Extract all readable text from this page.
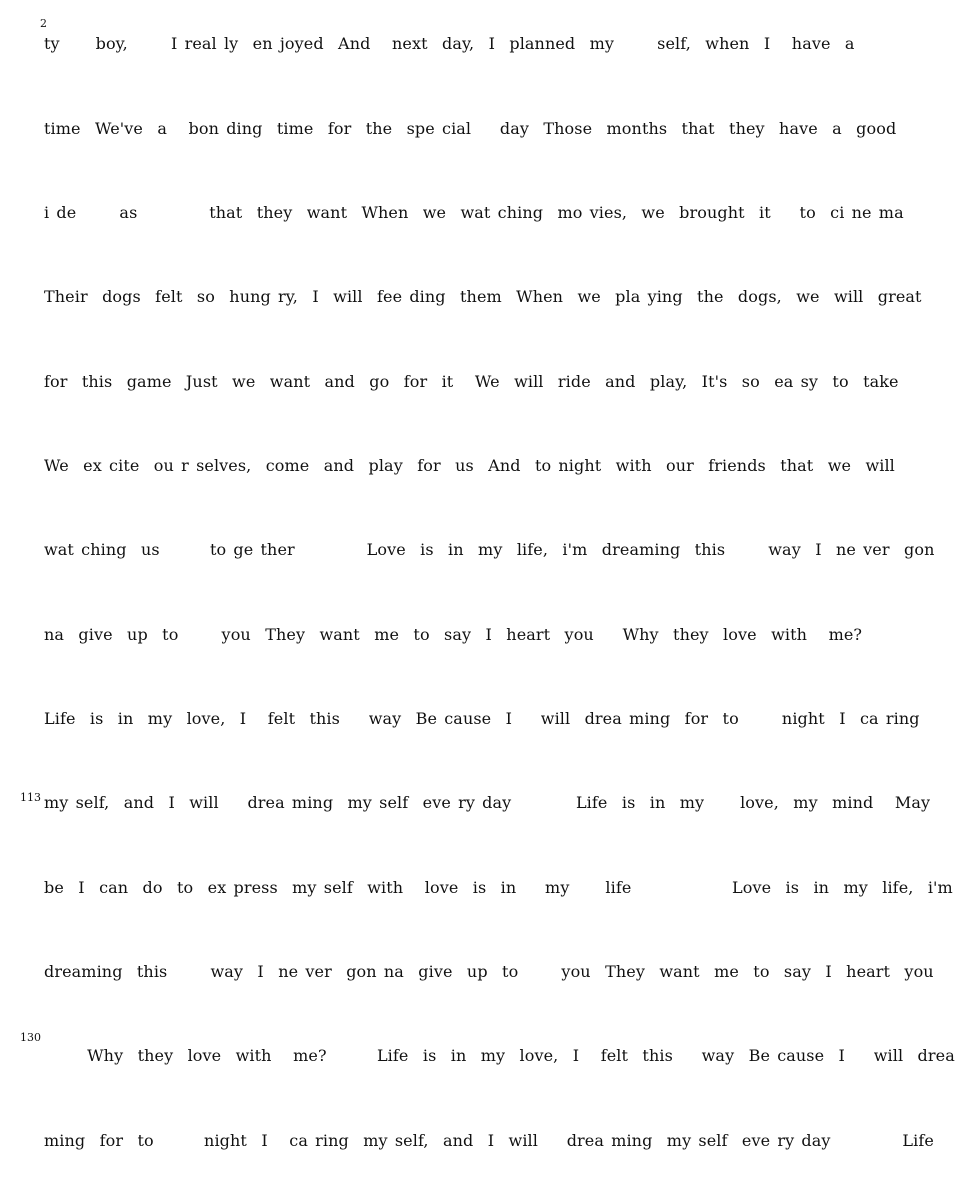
2
113
130
ty     boy,      I real ly  en joyed  And   next  day,  I  planned  my      self,  when  I   have  a
time  We've  a   bon ding  time  for  the  spe cial    day  Those  months  that  they  have  a  good
i de      as          that  they  want  When  we  wat ching  mo vies,  we  brought  it    to  ci ne ma
Their  dogs  felt  so  hung ry,  I  will  fee ding  them  When  we  pla ying  the  dogs,  we  will  great
for  this  game  Just  we  want  and  go  for  it   We  will  ride  and  play,  It's  so  ea sy  to  take
We  ex cite  ou r selves,  come  and  play  for  us  And  to night  with  our  friends  that  we  will
wat ching  us       to ge ther          Love  is  in  my  life,  i'm  dreaming  this      way  I  ne ver  gon
na  give  up  to      you  They  want  me  to  say  I  heart  you    Why  they  love  with   me?
Life  is  in  my  love,  I   felt  this    way  Be cause  I    will  drea ming  for  to      night  I  ca ring
my self,  and  I  will    drea ming  my self  eve ry day         Life  is  in  my     love,  my  mind   May
be  I  can  do  to  ex press  my self  with   love  is  in    my     life              Love  is  in  my  life,  i'm
dreaming  this      way  I  ne ver  gon na  give  up  to      you  They  want  me  to  say  I  heart  you
Why  they  love  with   me?       Life  is  in  my  love,  I   felt  this    way  Be cause  I    will  drea
ming  for  to       night  I   ca ring  my self,  and  I  will    drea ming  my self  eve ry day          Life
